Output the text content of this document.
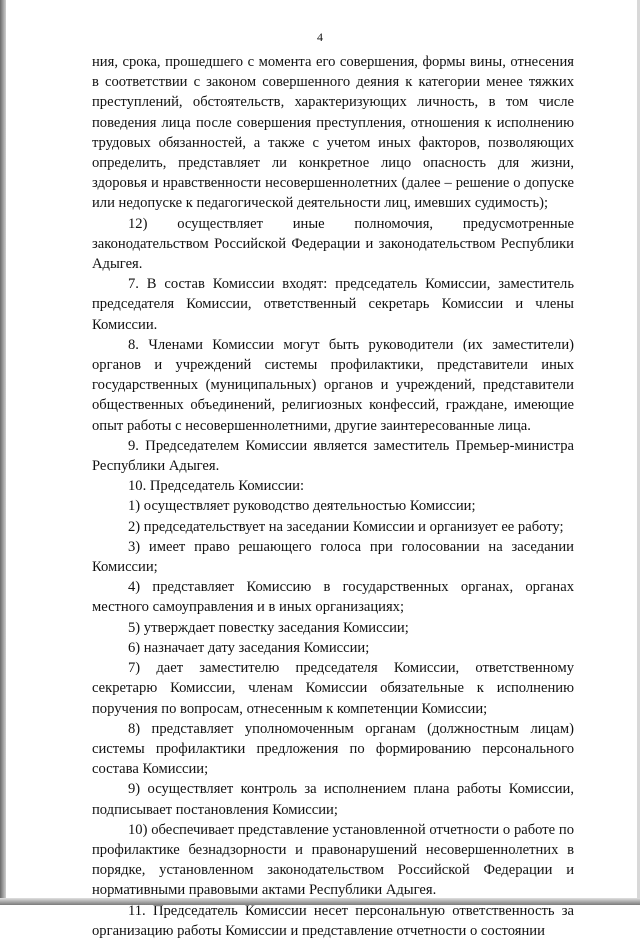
4

ния, срока, прошедшего с момента его совершения, формы вины, отнесения в соответствии с законом совершенного деяния к категории менее тяжких преступлений, обстоятельств, характеризующих личность, в том числе поведения лица после совершения преступления, отношения к исполнению трудовых обязанностей, а также с учетом иных факторов, позволяющих определить, представляет ли конкретное лицо опасность для жизни, здоровья и нравственности несовершеннолетних (далее – решение о допуске или недопуске к педагогической деятельности лиц, имевших судимость);

12) осуществляет иные полномочия, предусмотренные законодательством Российской Федерации и законодательством Республики Адыгея.

7. В состав Комиссии входят: председатель Комиссии, заместитель председателя Комиссии, ответственный секретарь Комиссии и члены Комиссии.

8. Членами Комиссии могут быть руководители (их заместители) органов и учреждений системы профилактики, представители иных государственных (муниципальных) органов и учреждений, представители общественных объединений, религиозных конфессий, граждане, имеющие опыт работы с несовершеннолетними, другие заинтересованные лица.

9. Председателем Комиссии является заместитель Премьер-министра Республики Адыгея.

10. Председатель Комиссии:

1) осуществляет руководство деятельностью Комиссии;

2) председательствует на заседании Комиссии и организует ее работу;

3) имеет право решающего голоса при голосовании на заседании Комиссии;

4) представляет Комиссию в государственных органах, органах местного самоуправления и в иных организациях;

5) утверждает повестку заседания Комиссии;

6) назначает дату заседания Комиссии;

7) дает заместителю председателя Комиссии, ответственному секретарю Комиссии, членам Комиссии обязательные к исполнению поручения по вопросам, отнесенным к компетенции Комиссии;

8) представляет уполномоченным органам (должностным лицам) системы профилактики предложения по формированию персонального состава Комиссии;

9) осуществляет контроль за исполнением плана работы Комиссии, подписывает постановления Комиссии;

10) обеспечивает представление установленной отчетности о работе по профилактике безнадзорности и правонарушений несовершеннолетних в порядке, установленном законодательством Российской Федерации и нормативными правовыми актами Республики Адыгея.

11. Председатель Комиссии несет персональную ответственность за организацию работы Комиссии и представление отчетности о состоянии
